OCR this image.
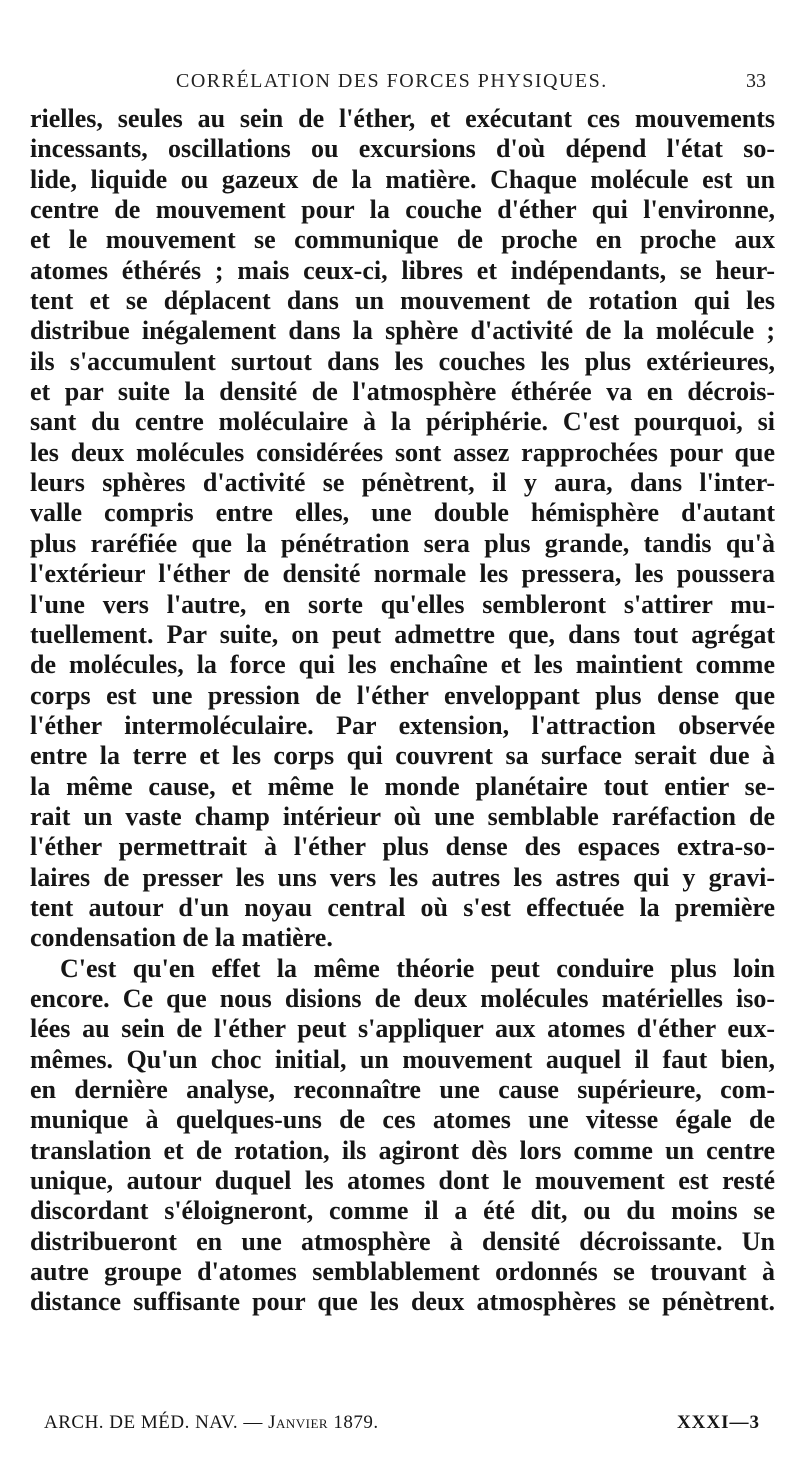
CORRÉLATION DES FORCES PHYSIQUES.	33
rielles, seules au sein de l'éther, et exécutant ces mouvements
incessants, oscillations ou excursions d'où dépend l'état so-
lide, liquide ou gazeux de la matière. Chaque molécule est un
centre de mouvement pour la couche d'éther qui l'environne,
et le mouvement se communique de proche en proche aux
atomes éthérés ; mais ceux-ci, libres et indépendants, se heur-
tent et se déplacent dans un mouvement de rotation qui les
distribue inégalement dans la sphère d'activité de la molécule ;
ils s'accumulent surtout dans les couches les plus extérieures,
et par suite la densité de l'atmosphère éthérée va en décrois-
sant du centre moléculaire à la périphérie. C'est pourquoi, si
les deux molécules considérées sont assez rapprochées pour que
leurs sphères d'activité se pénètrent, il y aura, dans l'inter-
valle compris entre elles, une double hémisphère d'autant
plus raréfiée que la pénétration sera plus grande, tandis qu'à
l'extérieur l'éther de densité normale les pressera, les poussera
l'une vers l'autre, en sorte qu'elles sembleront s'attirer mu-
tuellement. Par suite, on peut admettre que, dans tout agrégat
de molécules, la force qui les enchaîne et les maintient comme
corps est une pression de l'éther enveloppant plus dense que
l'éther intermoléculaire. Par extension, l'attraction observée
entre la terre et les corps qui couvrent sa surface serait due à
la même cause, et même le monde planétaire tout entier se-
rait un vaste champ intérieur où une semblable raréfaction de
l'éther permettrait à l'éther plus dense des espaces extra-so-
laires de presser les uns vers les autres les astres qui y gravi-
tent autour d'un noyau central où s'est effectuée la première
condensation de la matière.
C'est qu'en effet la même théorie peut conduire plus loin
encore. Ce que nous disions de deux molécules matérielles iso-
lées au sein de l'éther peut s'appliquer aux atomes d'éther eux-
mêmes. Qu'un choc initial, un mouvement auquel il faut bien,
en dernière analyse, reconnaître une cause supérieure, com-
munique à quelques-uns de ces atomes une vitesse égale de
translation et de rotation, ils agiront dès lors comme un centre
unique, autour duquel les atomes dont le mouvement est resté
discordant s'éloigneront, comme il a été dit, ou du moins se
distribueront en une atmosphère à densité décroissante. Un
autre groupe d'atomes semblablement ordonnés se trouvant à
distance suffisante pour que les deux atmosphères se pénètrent.
ARCH. DE MÉD. NAV. — Janvier 1879.	XXXI—3
